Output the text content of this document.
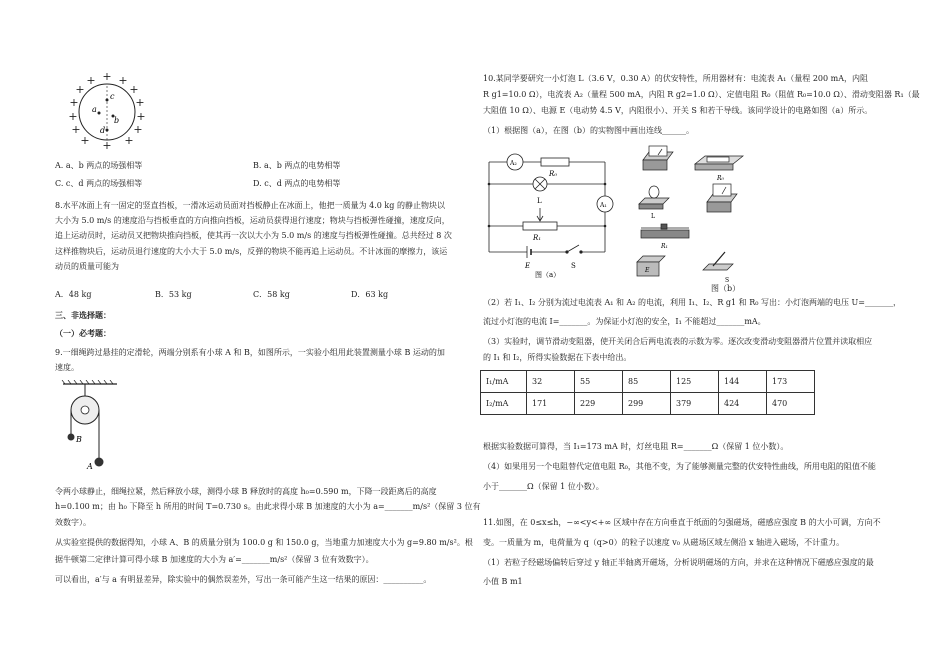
+
+ +
+	+
+	+
+	+
+	+
+	+
+
c
a
b
d

A. a、b 两点的场强相等	B. a、b 两点的电势相等

C. c、d 两点的场强相等	D. c、d 两点的电势相等

8.水平冰面上有一固定的竖直挡板，一滑冰运动员面对挡板静止在冰面上，他把一质量为 4.0 kg 的静止物块以

大小为 5.0 m/s 的速度沿与挡板垂直的方向推向挡板，运动员获得退行速度；物块与挡板弹性碰撞，速度反向，

追上运动员时，运动员又把物块推向挡板，使其再一次以大小为 5.0 m/s 的速度与挡板弹性碰撞。总共经过 8 次

这样推物块后，运动员退行速度的大小大于 5.0 m/s，反弹的物块不能再追上运动员。不计冰面的摩擦力，该运

动员的质量可能为

A．48 kg	B．53 kg	C．58 kg	D．63 kg

三、非选择题：

（一）必考题：

9.一细绳跨过悬挂的定滑轮，两端分别系有小球 A 和 B，如图所示，一实验小组用此装置测量小球 B 运动的加

速度。

B
A

令两小球静止，细绳拉紧，然后释放小球，测得小球 B 释放时的高度 h₀=0.590 m，下降一段距离后的高度

h=0.100 m；由 h₀ 下降至 h 所用的时间 T=0.730 s。由此求得小球 B 加速度的大小为 a=_______m/s²（保留 3 位有

效数字）。

从实验室提供的数据得知，小球 A、B 的质量分别为 100.0 g 和 150.0 g，当地重力加速度大小为 g=9.80 m/s²。根

据牛顿第二定律计算可得小球 B 加速度的大小为 a′=_______m/s²（保留 3 位有效数字）。

可以看出，a′与 a 有明显差异，除实验中的偶然误差外，写出一条可能产生这一结果的原因：__________。

10.某同学要研究一小灯泡 L（3.6 V，0.30 A）的伏安特性，所用器材有：电流表 A₁（量程 200 mA，内阻

R g1=10.0 Ω），电流表 A₂（量程 500 mA，内阻 R g2=1.0 Ω）、定值电阻 R₀（阻值 R₀=10.0 Ω）、滑动变阻器 R₁（最

大阻值 10 Ω）、电源 E（电动势 4.5 V，内阻很小）、开关 S 和若干导线。该同学设计的电路如图（a）所示。

（1）根据图（a），在图（b）的实物图中画出连线______。

A₂
R₀
L
A₁
R₁
E	S
图（a）
R₀
L
R₁
E
S

图（b）

（2）若 I₁、I₂ 分别为流过电流表 A₁ 和 A₂ 的电流，利用 I₁、I₂、R g1 和 R₀ 写出：小灯泡两端的电压 U=_______，

流过小灯泡的电流 I=_______。为保证小灯泡的安全，I₁ 不能超过_______mA。

（3）实验时，调节滑动变阻器，使开关闭合后两电流表的示数为零。逐次改变滑动变阻器滑片位置并读取相应

的 I₁ 和 I₂，所得实验数据在下表中给出。

I₁/mA	32	55	85	125	144	173
I₂/mA	171	229	299	379	424	470

根据实验数据可算得，当 I₁=173 mA 时，灯丝电阻 R=_______Ω（保留 1 位小数）。

（4）如果用另一个电阻替代定值电阻 R₀，其他不变，为了能够测量完整的伏安特性曲线，所用电阻的阻值不能

小于_______Ω（保留 1 位小数）。

11.如图，在 0≤x≤h，−∞<y<+∞ 区域中存在方向垂直于纸面的匀强磁场，磁感应强度 B 的大小可调，方向不

变。一质量为 m，电荷量为 q（q>0）的粒子以速度 v₀ 从磁场区域左侧沿 x 轴进入磁场，不计重力。

（1）若粒子经磁场偏转后穿过 y 轴正半轴离开磁场，分析说明磁场的方向，并求在这种情况下磁感应强度的最

小值 B m1
